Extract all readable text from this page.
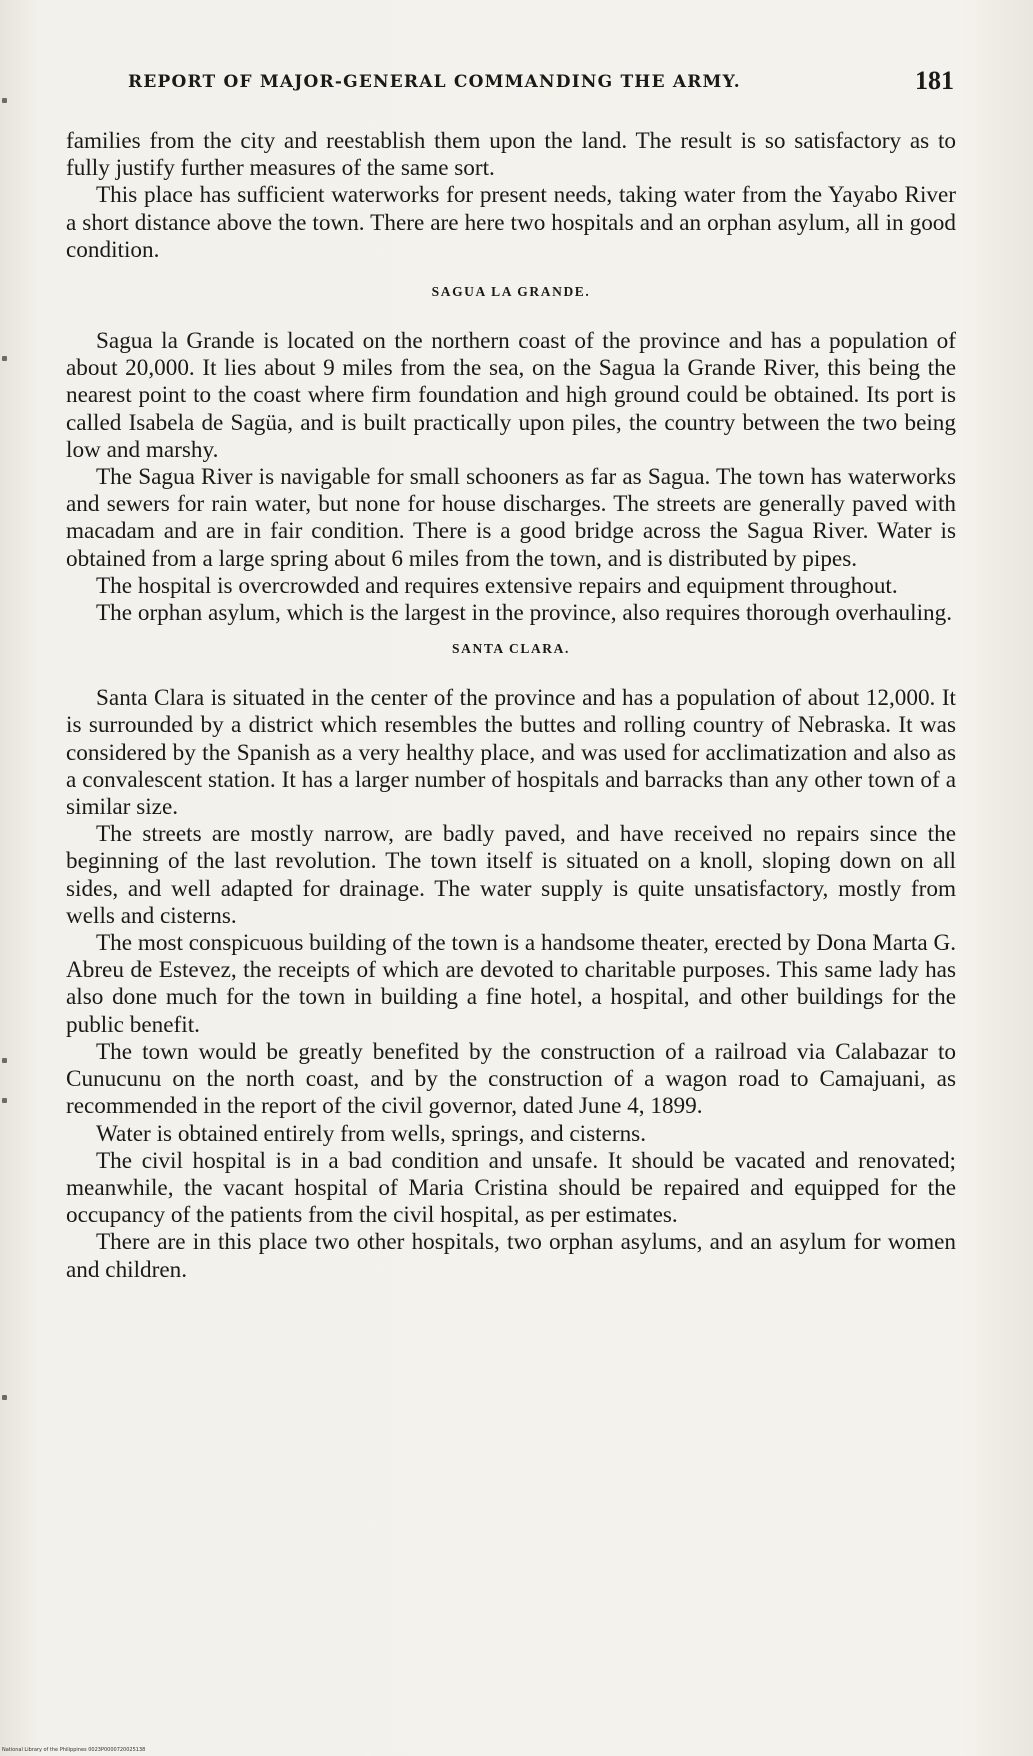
REPORT OF MAJOR-GENERAL COMMANDING THE ARMY.	181

families from the city and reestablish them upon the land. The result is so satisfactory as to fully justify further measures of the same sort.

This place has sufficient waterworks for present needs, taking water from the Yayabo River a short distance above the town. There are here two hospitals and an orphan asylum, all in good condition.

SAGUA LA GRANDE.

Sagua la Grande is located on the northern coast of the province and has a population of about 20,000. It lies about 9 miles from the sea, on the Sagua la Grande River, this being the nearest point to the coast where firm foundation and high ground could be obtained. Its port is called Isabela de Sagüa, and is built practically upon piles, the country between the two being low and marshy.

The Sagua River is navigable for small schooners as far as Sagua. The town has waterworks and sewers for rain water, but none for house discharges. The streets are generally paved with macadam and are in fair condition. There is a good bridge across the Sagua River. Water is obtained from a large spring about 6 miles from the town, and is distributed by pipes.

The hospital is overcrowded and requires extensive repairs and equipment throughout.

The orphan asylum, which is the largest in the province, also requires thorough overhauling.

SANTA CLARA.

Santa Clara is situated in the center of the province and has a population of about 12,000. It is surrounded by a district which resembles the buttes and rolling country of Nebraska. It was considered by the Spanish as a very healthy place, and was used for acclimatization and also as a convalescent station. It has a larger number of hospitals and barracks than any other town of a similar size.

The streets are mostly narrow, are badly paved, and have received no repairs since the beginning of the last revolution. The town itself is situated on a knoll, sloping down on all sides, and well adapted for drainage. The water supply is quite unsatisfactory, mostly from wells and cisterns.

The most conspicuous building of the town is a handsome theater, erected by Dona Marta G. Abreu de Estevez, the receipts of which are devoted to charitable purposes. This same lady has also done much for the town in building a fine hotel, a hospital, and other buildings for the public benefit.

The town would be greatly benefited by the construction of a railroad via Calabazar to Cunucunu on the north coast, and by the construction of a wagon road to Camajuani, as recommended in the report of the civil governor, dated June 4, 1899.

Water is obtained entirely from wells, springs, and cisterns.

The civil hospital is in a bad condition and unsafe. It should be vacated and renovated; meanwhile, the vacant hospital of Maria Cristina should be repaired and equipped for the occupancy of the patients from the civil hospital, as per estimates.

There are in this place two other hospitals, two orphan asylums, and an asylum for women and children.

National Library of the Philippines 0023P0000720025138
